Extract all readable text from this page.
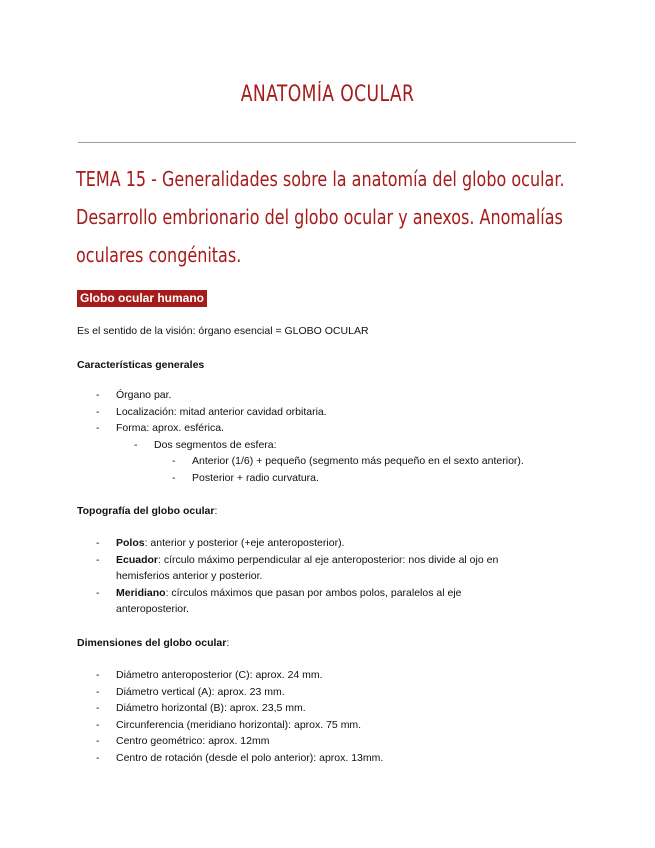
ANATOMÍA OCULAR
TEMA 15 - Generalidades sobre la anatomía del globo ocular.
Desarrollo embrionario del globo ocular y anexos. Anomalías
oculares congénitas.
Globo ocular humano
Es el sentido de la visión: órgano esencial = GLOBO OCULAR
Características generales
- Órgano par.
- Localización: mitad anterior cavidad orbitaria.
- Forma: aprox. esférica.
- Dos segmentos de esfera:
- Anterior (1/6) + pequeño (segmento más pequeño en el sexto anterior).
- Posterior + radio curvatura.
Topografía del globo ocular:
- Polos: anterior y posterior (+eje anteroposterior).
- Ecuador: círculo máximo perpendicular al eje anteroposterior: nos divide al ojo en
hemisferios anterior y posterior.
- Meridiano: círculos máximos que pasan por ambos polos, paralelos al eje
anteroposterior.
Dimensiones del globo ocular:
- Diámetro anteroposterior (C): aprox. 24 mm.
- Diámetro vertical (A): aprox. 23 mm.
- Diámetro horizontal (B): aprox. 23,5 mm.
- Circunferencia (meridiano horizontal): aprox. 75 mm.
- Centro geométrico: aprox. 12mm
- Centro de rotación (desde el polo anterior): aprox. 13mm.
